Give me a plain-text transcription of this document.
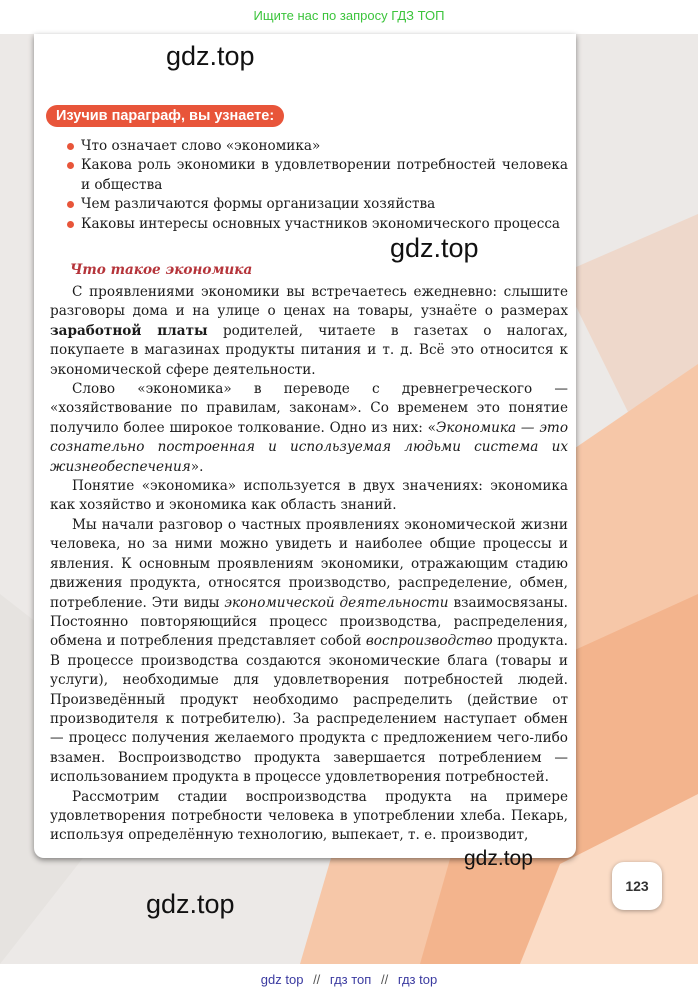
Ищите нас по запросу ГДЗ ТОП
gdz.top
gdz.top
gdz.top
gdz.top
Изучив параграф, вы узнаете:
Что означает слово «экономика»
Какова роль экономики в удовлетворении потребностей человека и общества
Чем различаются формы организации хозяйства
Каковы интересы основных участников экономического процесса
Что такое экономика

С проявлениями экономики вы встречаетесь ежедневно: слышите разговоры дома и на улице о ценах на товары, узнаёте о размерах заработной платы родителей, читаете в газетах о налогах, покупаете в магазинах продукты питания и т. д. Всё это относится к экономической сфере деятельности.

Слово «экономика» в переводе с древнегреческого — «хозяйствование по правилам, законам». Со временем это понятие получило более широкое толкование. Одно из них: «Экономика — это сознательно построенная и используемая людьми система их жизнеобеспечения».

Понятие «экономика» используется в двух значениях: экономика как хозяйство и экономика как область знаний.

Мы начали разговор о частных проявлениях экономической жизни человека, но за ними можно увидеть и наиболее общие процессы и явления. К основным проявлениям экономики, отражающим стадию движения продукта, относятся производство, распределение, обмен, потребление. Эти виды экономической деятельности взаимосвязаны. Постоянно повторяющийся процесс производства, распределения, обмена и потребления представляет собой воспроизводство продукта. В процессе производства создаются экономические блага (товары и услуги), необходимые для удовлетворения потребностей людей. Произведённый продукт необходимо распределить (действие от производителя к потребителю). За распределением наступает обмен — процесс получения желаемого продукта с предложением чего-либо взамен. Воспроизводство продукта завершается потреблением — использованием продукта в процессе удовлетворения потребностей.

Рассмотрим стадии воспроизводства продукта на примере удовлетворения потребности человека в употреблении хлеба. Пекарь, используя определённую технологию, выпекает, т. е. производит,

123
gdz top // гдз топ // гдз top
